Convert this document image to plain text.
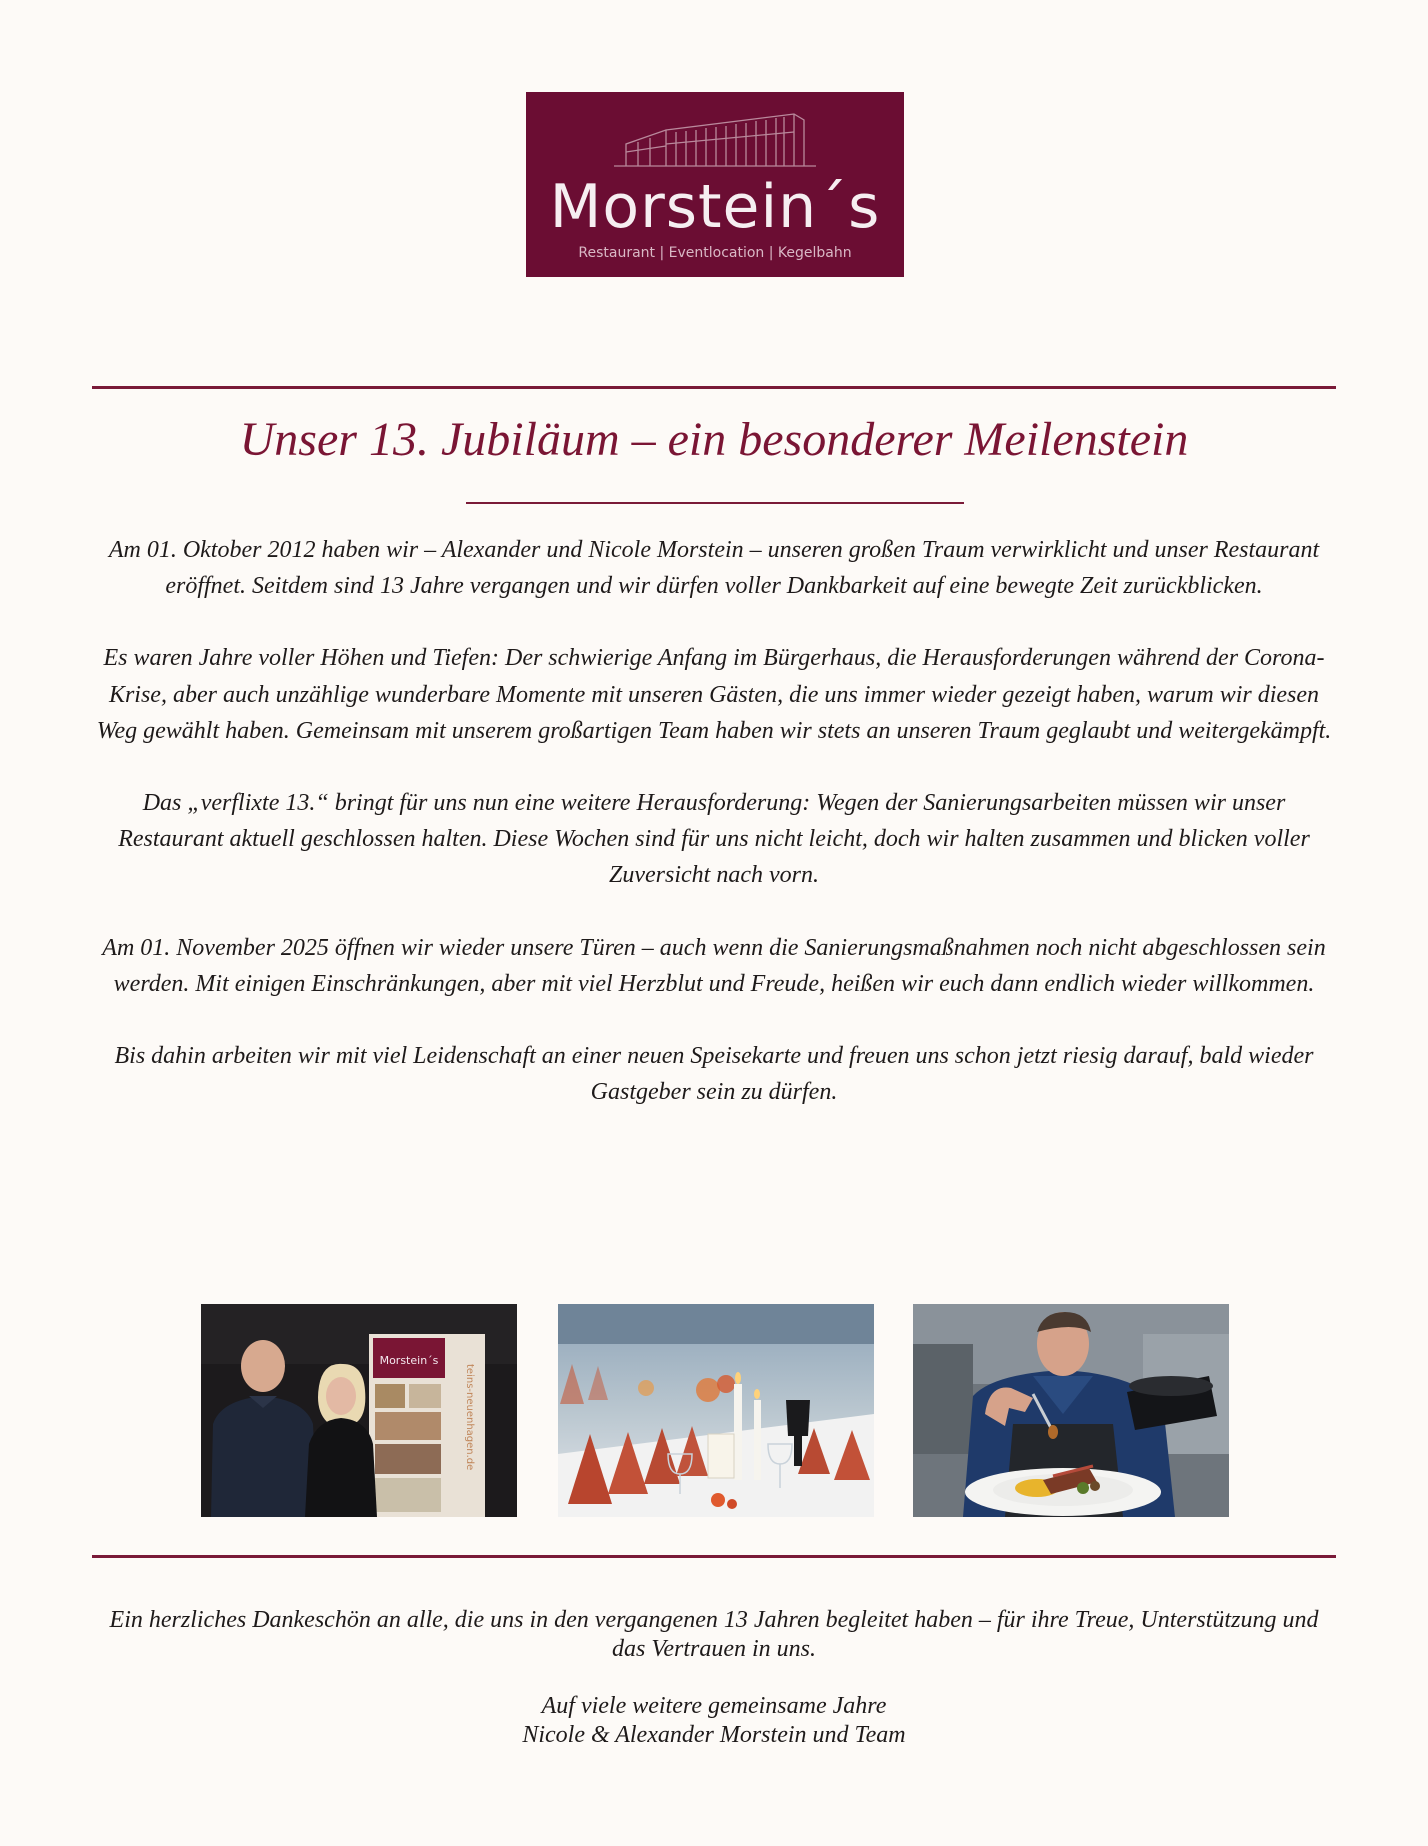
Morstein´s
Restaurant | Eventlocation | Kegelbahn
Unser 13. Jubiläum – ein besonderer Meilenstein

Am 01. Oktober 2012 haben wir – Alexander und Nicole Morstein – unseren großen Traum verwirklicht und unser Restaurant eröffnet. Seitdem sind 13 Jahre vergangen und wir dürfen voller Dankbarkeit auf eine bewegte Zeit zurückblicken.

Es waren Jahre voller Höhen und Tiefen: Der schwierige Anfang im Bürgerhaus, die Herausforderungen während der Corona-Krise, aber auch unzählige wunderbare Momente mit unseren Gästen, die uns immer wieder gezeigt haben, warum wir diesen Weg gewählt haben. Gemeinsam mit unserem großartigen Team haben wir stets an unseren Traum geglaubt und weitergekämpft.

Das „verflixte 13.“ bringt für uns nun eine weitere Herausforderung: Wegen der Sanierungsarbeiten müssen wir unser Restaurant aktuell geschlossen halten. Diese Wochen sind für uns nicht leicht, doch wir halten zusammen und blicken voller Zuversicht nach vorn.

Am 01. November 2025 öffnen wir wieder unsere Türen – auch wenn die Sanierungsmaßnahmen noch nicht abgeschlossen sein werden. Mit einigen Einschränkungen, aber mit viel Herzblut und Freude, heißen wir euch dann endlich wieder willkommen.

Bis dahin arbeiten wir mit viel Leidenschaft an einer neuen Speisekarte und freuen uns schon jetzt riesig darauf, bald wieder Gastgeber sein zu dürfen.

Morstein´s
teins-neuenhagen.de

Ein herzliches Dankeschön an alle, die uns in den vergangenen 13 Jahren begleitet haben – für ihre Treue, Unterstützung und das Vertrauen in uns.

Auf viele weitere gemeinsame Jahre
Nicole & Alexander Morstein und Team
